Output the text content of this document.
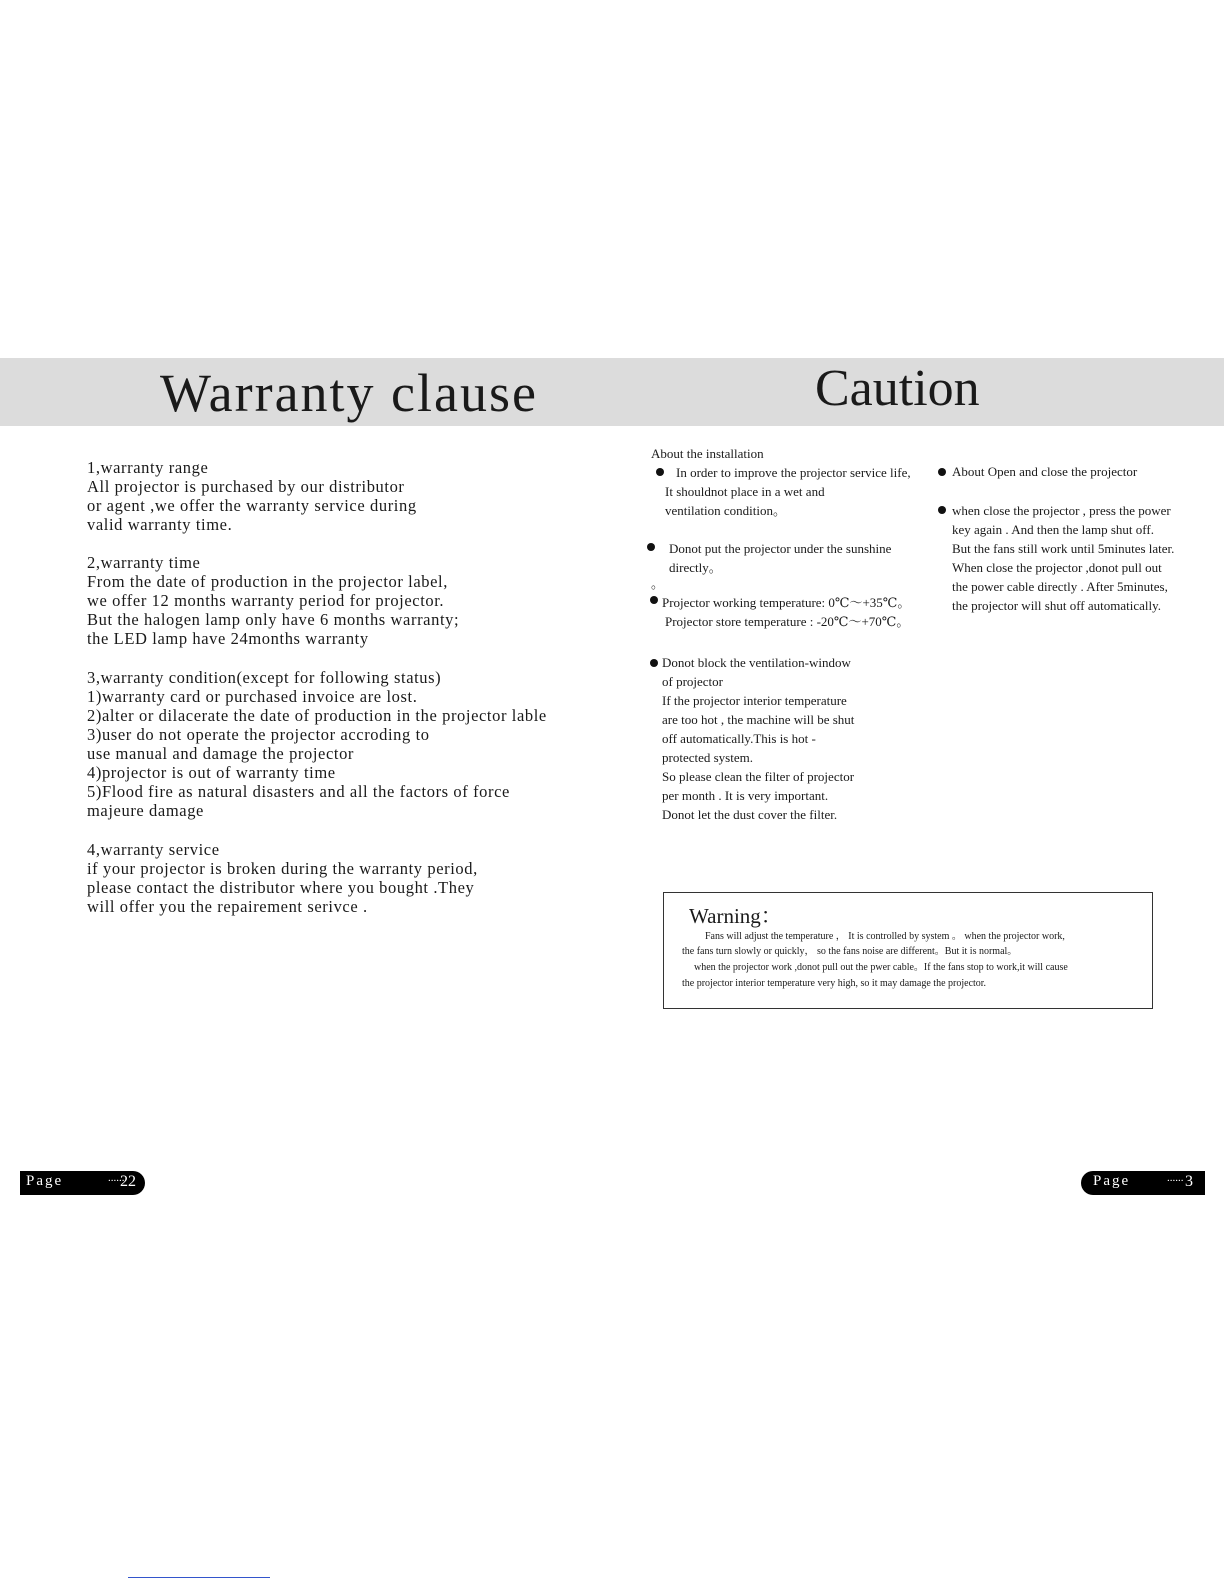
Warranty clause	Caution
1,warranty range
All projector is purchased by our distributor
or agent ,we offer the warranty service during
valid warranty time.
2,warranty time
From the date of production in the projector label,
we offer 12 months warranty period for projector.
But the halogen lamp only have 6 months warranty;
the LED lamp have 24months warranty
3,warranty condition(except for following status)
1)warranty card or purchased invoice are lost.
2)alter or dilacerate the date of production in the projector lable
3)user do not operate the projector accroding to
use manual and damage the projector
4)projector is out of warranty time
5)Flood fire as natural disasters and all the factors of force
majeure damage
4,warranty service
if your projector is broken during the warranty period,
please contact the distributor where you bought .They
will offer you the repairement serivce .
About the installation
In order to improve the projector service life,
It shouldnot place in a wet and
ventilation condition。
Donot put the projector under the sunshine
directly。
。
Projector working temperature: 0℃～+35℃。
Projector store temperature : -20℃～+70℃。
Donot block the ventilation-window
of projector
If the projector interior temperature
are too hot , the machine will be shut
off automatically.This is hot -
protected system.
So please clean the filter of projector
per month . It is very important.
Donot let the dust cover the filter.
About Open and close the projector
when close the projector , press the power
key again . And then the lamp shut off.
But the fans still work until 5minutes later.
When close the projector ,donot pull out
the power cable directly . After 5minutes,
the projector will shut off automatically.
Warning：
Fans will adjust the temperature ， It is controlled by system 。 when the projector work,
the fans turn slowly or quickly， so the fans noise are different。But it is normal。
when the projector work ,donot pull out the pwer cable。If the fans stop to work,it will cause
the projector interior temperature very high, so it may damage the projector.
Page	......
22	Page	...... 3
